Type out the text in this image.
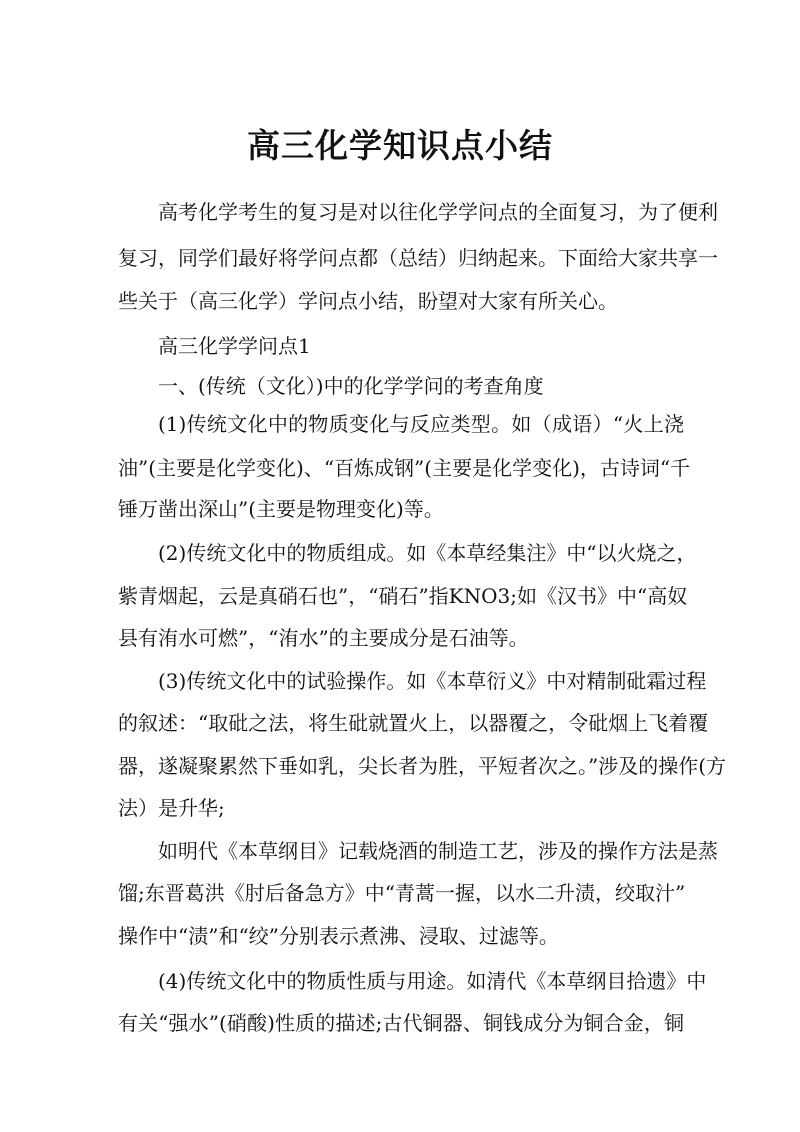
高三化学知识点小结
高考化学考生的复习是对以往化学学问点的全面复习，为了便利
复习，同学们最好将学问点都（总结）归纳起来。下面给大家共享一
些关于（高三化学）学问点小结，盼望对大家有所关心。
高三化学学问点1
一、(传统（文化）)中的化学学问的考查角度
(1)传统文化中的物质变化与反应类型。如（成语）“火上浇
油”(主要是化学变化)、“百炼成钢”(主要是化学变化)，古诗词“千
锤万凿出深山”(主要是物理变化)等。
(2)传统文化中的物质组成。如《本草经集注》中“以火烧之，
紫青烟起，云是真硝石也”，“硝石”指KNO3;如《汉书》中“高奴
县有洧水可燃”，“洧水”的主要成分是石油等。
(3)传统文化中的试验操作。如《本草衍义》中对精制砒霜过程
的叙述：“取砒之法，将生砒就置火上，以器覆之，令砒烟上飞着覆
器，遂凝聚累然下垂如乳，尖长者为胜，平短者次之。”涉及的操作(方
法）是升华;
如明代《本草纲目》记载烧酒的制造工艺，涉及的操作方法是蒸
馏;东晋葛洪《肘后备急方》中“青蒿一握，以水二升渍，绞取汁”
操作中“渍”和“绞”分别表示煮沸、浸取、过滤等。
(4)传统文化中的物质性质与用途。如清代《本草纲目拾遗》中
有关“强水”(硝酸)性质的描述;古代铜器、铜钱成分为铜合金，铜
